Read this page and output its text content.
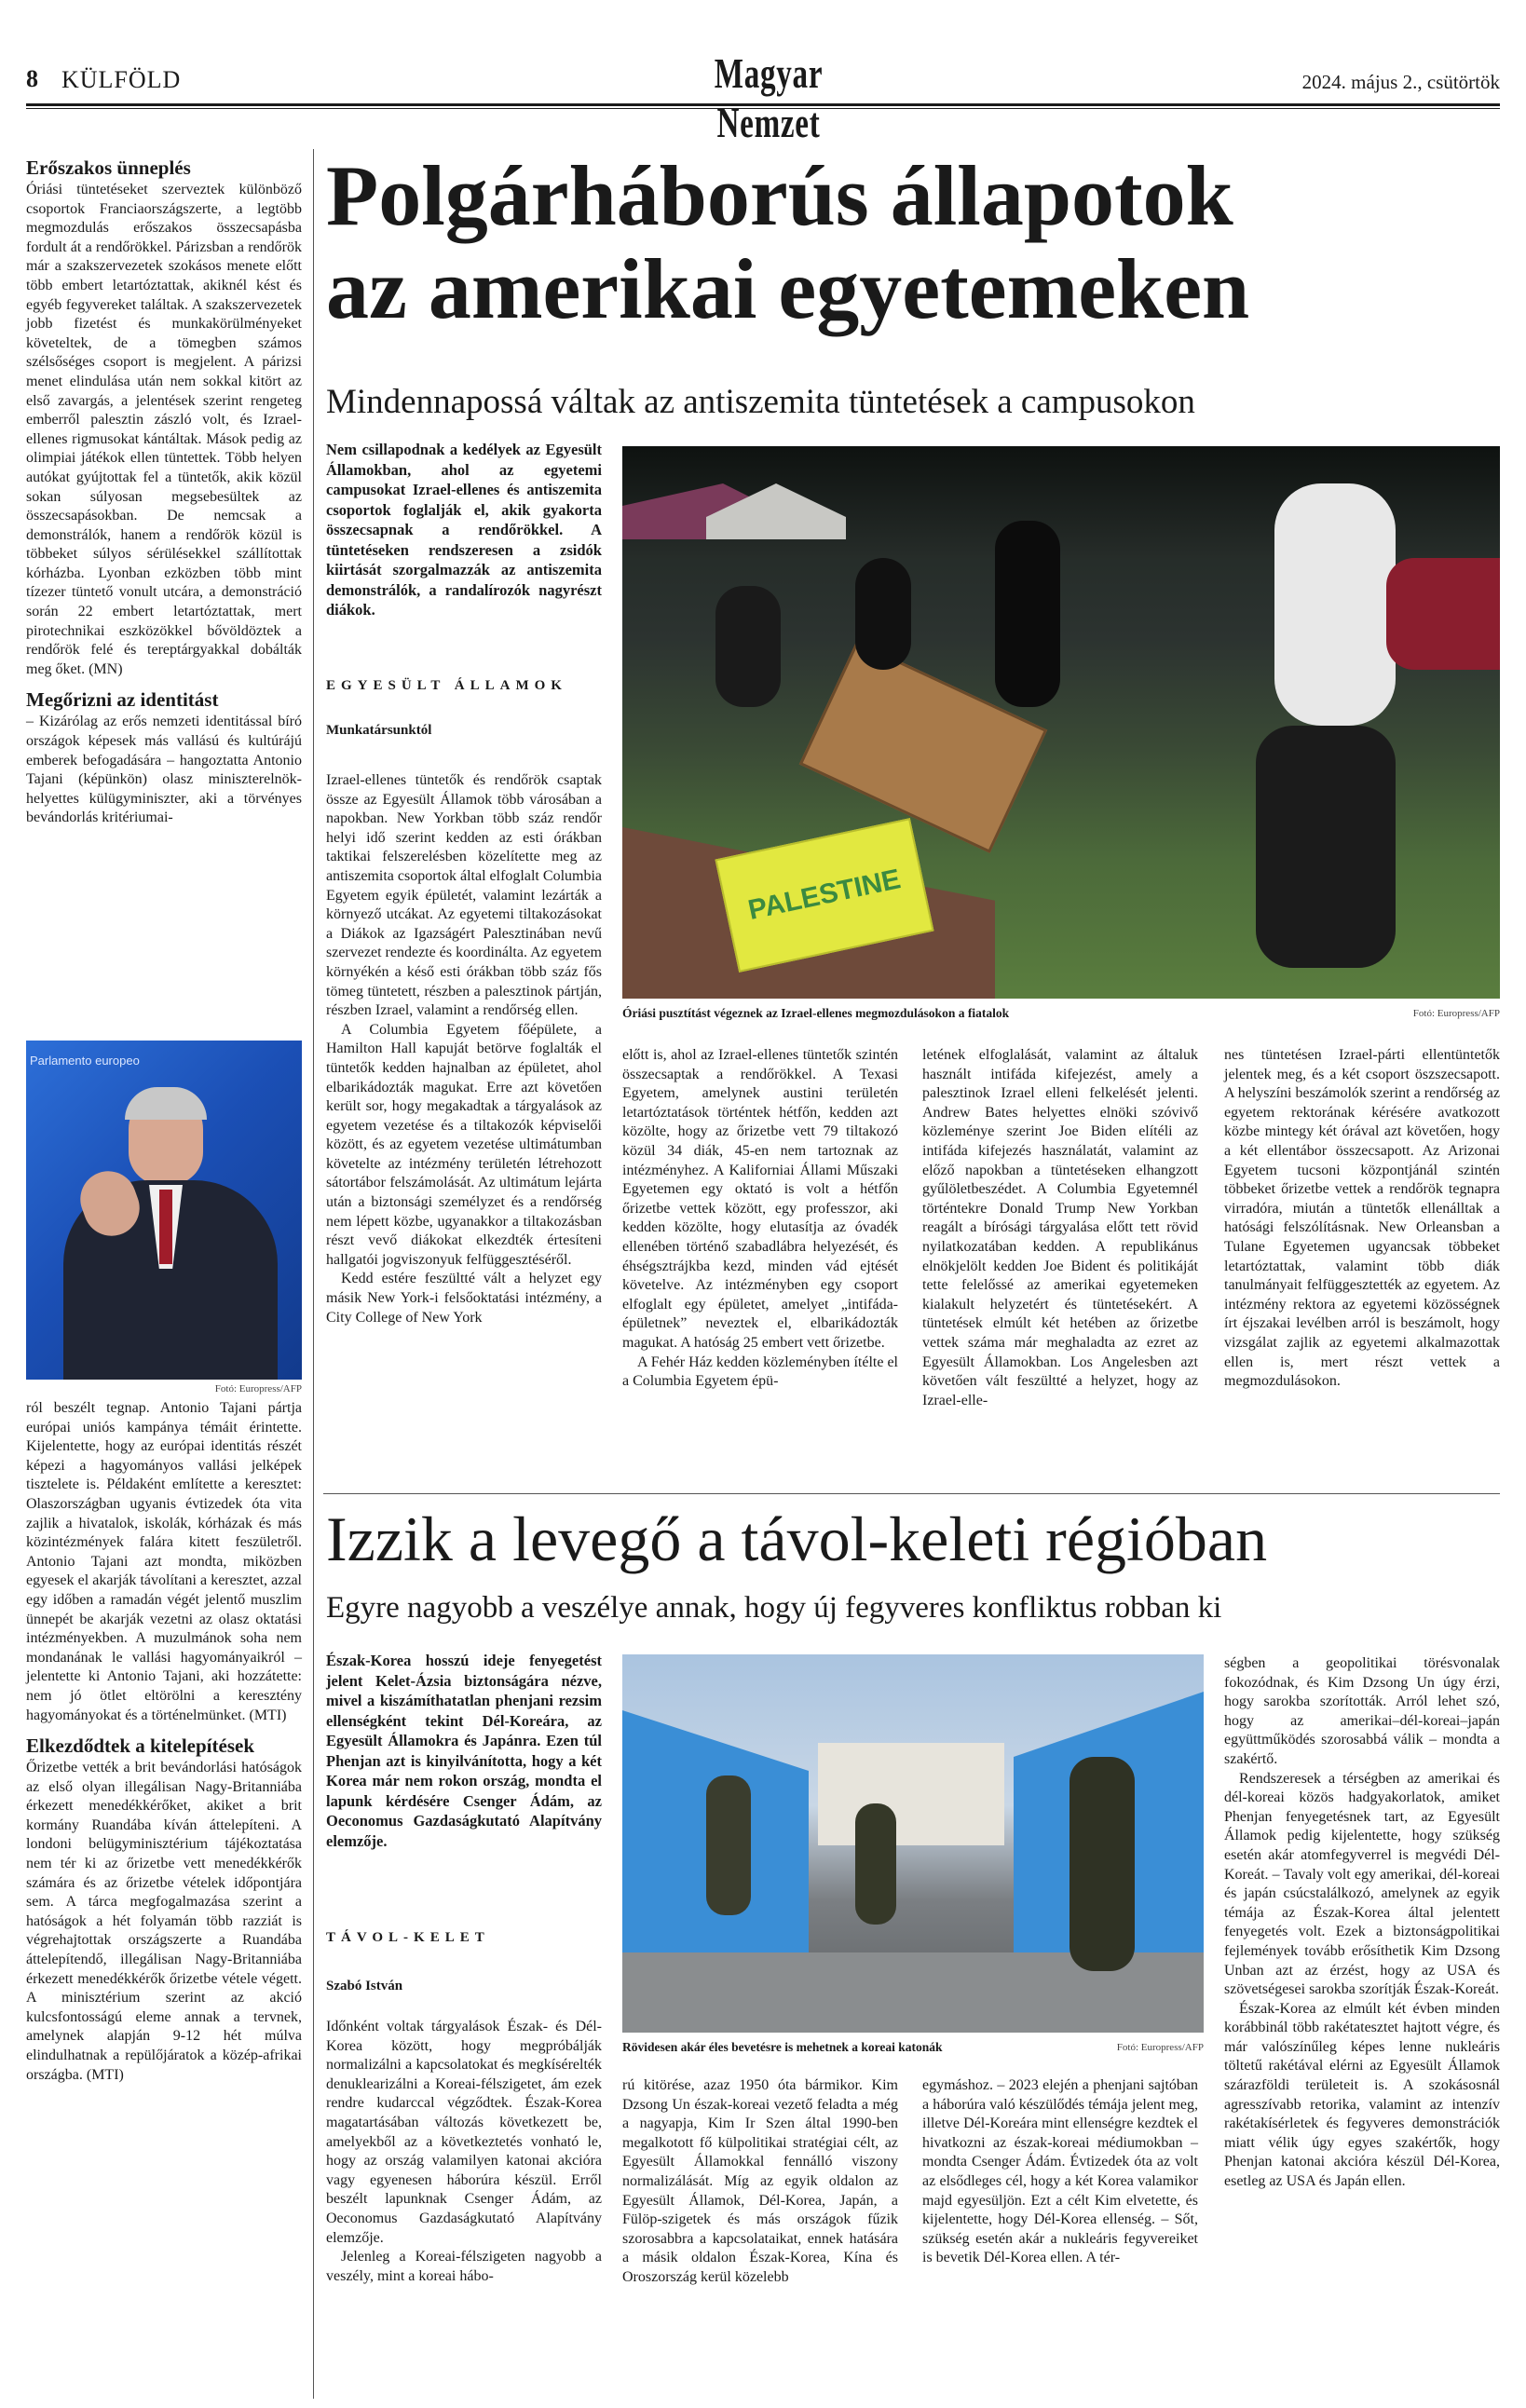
8 KÜLFÖLD	Magyar Nemzet
2024. május 2., csütörtök
Erőszakos ünneplés

Óriási tüntetéseket szerveztek különböző csoportok Franciaországszerte, a legtöbb megmozdulás erőszakos összecsapásba fordult át a rendőrökkel. Párizsban a rendőrök már a szakszervezetek szokásos menete előtt több embert letartóztattak, akiknél kést és egyéb fegyvereket találtak. A szakszervezetek jobb fizetést és munkakörülményeket követeltek, de a tömegben számos szélsőséges csoport is megjelent. A párizsi menet elindulása után nem sokkal kitört az első zavargás, a jelentések szerint rengeteg emberről palesztin zászló volt, és Izrael-ellenes rigmusokat kántáltak. Mások pedig az olimpiai játékok ellen tüntettek. Több helyen autókat gyújtottak fel a tüntetők, akik közül sokan súlyosan megsebesültek az összecsapásokban. De nemcsak a demonstrálók, hanem a rendőrök közül is többeket súlyos sérülésekkel szállítottak kórházba. Lyonban ezközben több mint tízezer tüntető vonult utcára, a demonstráció során 22 embert letartóztattak, mert pirotechnikai eszközökkel bővöldöztek a rendőrök felé és tereptárgyakkal dobálták meg őket. (MN)

Megőrizni az identitást

– Kizárólag az erős nemzeti identitással bíró országok képesek más vallású és kultúrájú emberek befogadására – hangoztatta Antonio Tajani (képünkön) olasz miniszterelnök-helyettes külügyminiszter, aki a törvényes bevándorlás kritériumai-

Parlamento europeo
Fotó: Europress/AFP

ról beszélt tegnap. Antonio Tajani pártja európai uniós kampánya témáit érintette. Kijelentette, hogy az európai identitás részét képezi a hagyományos vallási jelképek tisztelete is. Példaként említette a keresztet: Olaszországban ugyanis évtizedek óta vita zajlik a hivatalok, iskolák, kórházak és más közintézmények falára kitett feszületről. Antonio Tajani azt mondta, miközben egyesek el akarják távolítani a keresztet, azzal egy időben a ramadán végét jelentő muszlim ünnepét be akarják vezetni az olasz oktatási intézményekben. A muzulmánok soha nem mondanának le vallási hagyományaikról – jelentette ki Antonio Tajani, aki hozzátette: nem jó ötlet eltörölni a keresztény hagyományokat és a történelmünket. (MTI)

Elkezdődtek a kitelepítések

Őrizetbe vették a brit bevándorlási hatóságok az első olyan illegálisan Nagy-Britanniába érkezett menedékkérőket, akiket a brit kormány Ruandába kíván áttelepíteni. A londoni belügyminisztérium tájékoztatása nem tér ki az őrizetbe vett menedékkérők számára és az őrizetbe vételek időpontjára sem. A tárca megfogalmazása szerint a hatóságok a hét folyamán több razziát is végrehajtottak országszerte a Ruandába áttelepítendő, illegálisan Nagy-Britanniába érkezett menedékkérők őrizetbe vétele végett. A minisztérium szerint az akció kulcsfontosságú eleme annak a tervnek, amelynek alapján 9-12 hét múlva elindulhatnak a repülőjáratok a közép-afrikai országba. (MTI)

Polgárháborús állapotok
az amerikai egyetemeken
Mindennapossá váltak az antiszemita tüntetések a campusokon

Nem csillapodnak a kedélyek az Egyesült Államokban, ahol az egyetemi campusokat Izrael-ellenes és antiszemita csoportok foglalják el, akik gyakorta összecsapnak a rendőrökkel. A tüntetéseken rendszeresen a zsidók kiirtását szorgalmazzák az antiszemita demonstrálók, a randalírozók nagyrészt diákok.

EGYESÜLT ÁLLAMOK
Munkatársunktól
PALESTINE
Óriási pusztítást végeznek az Izrael-ellenes megmozdulásokon a fiatalok	Fotó: Europress/AFP

Izrael-ellenes tüntetők és rendőrök csaptak össze az Egyesült Államok több városában a napokban. New Yorkban több száz rendőr helyi idő szerint kedden az esti órákban taktikai felszerelésben közelítette meg az antiszemita csoportok által elfoglalt Columbia Egyetem egyik épületét, valamint lezárták a környező utcákat. Az egyetemi tiltakozásokat a Diákok az Igazságért Palesztinában nevű szervezet rendezte és koordinálta. Az egyetem környékén a késő esti órákban több száz fős tömeg tüntetett, részben a palesztinok pártján, részben Izrael, valamint a rendőrség ellen.

A Columbia Egyetem főépülete, a Hamilton Hall kapuját betörve foglalták el tüntetők kedden hajnalban az épületet, ahol elbarikádozták magukat. Erre azt követően került sor, hogy megakadtak a tárgyalások az egyetem vezetése és a tiltakozók képviselői között, és az egyetem vezetése ultimátumban követelte az intézmény területén létrehozott sátortábor felszámolását. Az ultimátum lejárta után a biztonsági személyzet és a rendőrség nem lépett közbe, ugyanakkor a tiltakozásban részt vevő diákokat elkezdték értesíteni hallgatói jogviszonyuk felfüggesztéséről.

Kedd estére feszültté vált a helyzet egy másik New York-i felsőoktatási intézmény, a City College of New York

előtt is, ahol az Izrael-ellenes tüntetők szintén összecsaptak a rendőrökkel. A Texasi Egyetem, amelynek austini területén letartóztatások történtek hétfőn, kedden azt közölte, hogy az őrizetbe vett 79 tiltakozó közül 34 diák, 45-en nem tartoznak az intézményhez. A Kaliforniai Állami Műszaki Egyetemen egy oktató is volt a hétfőn őrizetbe vettek között, egy professzor, aki kedden közölte, hogy elutasítja az óvadék ellenében történő szabadlábra helyezését, és éhségsztrájkba kezd, minden vád ejtését követelve. Az intézményben egy csoport elfoglalt egy épületet, amelyet „intifáda-épületnek” neveztek el, elbarikádozták magukat. A hatóság 25 embert vett őrizetbe.

A Fehér Ház kedden közleményben ítélte el a Columbia Egyetem épü-

letének elfoglalását, valamint az általuk használt intifáda kifejezést, amely a palesztinok Izrael elleni felkelését jelenti. Andrew Bates helyettes elnöki szóvivő közleménye szerint Joe Biden elítéli az intifáda kifejezés használatát, valamint az előző napokban a tüntetéseken elhangzott gyűlöletbeszédet. A Columbia Egyetemnél történtekre Donald Trump New Yorkban reagált a bírósági tárgyalása előtt tett rövid nyilatkozatában kedden. A republikánus elnökjelölt kedden Joe Bident és politikáját tette felelőssé az amerikai egyetemeken kialakult helyzetért és tüntetésekért. A tüntetések elmúlt két hetében az őrizetbe vettek száma már meghaladta az ezret az Egyesült Államokban. Los Angelesben azt követően vált feszültté a helyzet, hogy az Izrael-elle-

nes tüntetésen Izrael-párti ellentüntetők jelentek meg, és a két csoport öszszecsapott. A helyszíni beszámolók szerint a rendőrség az egyetem rektorának kérésére avatkozott közbe mintegy két órával azt követően, hogy a két ellentábor összecsapott. Az Arizonai Egyetem tucsoni központjánál szintén többeket őrizetbe vettek a rendőrök tegnapra virradóra, miután a tüntetők ellenálltak a hatósági felszólításnak. New Orleansban a Tulane Egyetemen ugyancsak többeket letartóztattak, valamint több diák tanulmányait felfüggesztették az egyetem. Az intézmény rektora az egyetemi közösségnek írt éjszakai levélben arról is beszámolt, hogy vizsgálat zajlik az egyetemi alkalmazottak ellen is, mert részt vettek a megmozdulásokon.

Izzik a levegő a távol-keleti régióban
Egyre nagyobb a veszélye annak, hogy új fegyveres konfliktus robban ki

Észak-Korea hosszú ideje fenyegetést jelent Kelet-Ázsia biztonságára nézve, mivel a kiszámíthatatlan phenjani rezsim ellenségként tekint Dél-Koreára, az Egyesült Államokra és Japánra. Ezen túl Phenjan azt is kinyilvánította, hogy a két Korea már nem rokon ország, mondta el lapunk kérdésére Csenger Ádám, az Oeconomus Gazdaságkutató Alapítvány elemzője.

TÁVOL-KELET
Szabó István
Rövidesen akár éles bevetésre is mehetnek a koreai katonák	Fotó: Europress/AFP

Időnként voltak tárgyalások Észak- és Dél-Korea között, hogy megpróbálják normalizálni a kapcsolatokat és megkísérelték denuklearizálni a Koreai-félszigetet, ám ezek rendre kudarccal végződtek. Észak-Korea magatartásában változás következett be, amelyekből az a következtetés vonható le, hogy az ország valamilyen katonai akcióra vagy egyenesen háborúra készül. Erről beszélt lapunknak Csenger Ádám, az Oeconomus Gazdaságkutató Alapítvány elemzője.

Jelenleg a Koreai-félszigeten nagyobb a veszély, mint a koreai hábo-

rú kitörése, azaz 1950 óta bármikor. Kim Dzsong Un észak-koreai vezető feladta a még a nagyapja, Kim Ir Szen által 1990-ben megalkotott fő külpolitikai stratégiai célt, az Egyesült Államokkal fennálló viszony normalizálását. Míg az egyik oldalon az Egyesült Államok, Dél-Korea, Japán, a Fülöp-szigetek és más országok fűzik szorosabbra a kapcsolataikat, ennek hatására a másik oldalon Észak-Korea, Kína és Oroszország kerül közelebb

egymáshoz. – 2023 elején a phenjani sajtóban a háborúra való készülődés témája jelent meg, illetve Dél-Koreára mint ellenségre kezdtek el hivatkozni az észak-koreai médiumokban – mondta Csenger Ádám. Évtizedek óta az volt az elsődleges cél, hogy a két Korea valamikor majd egyesüljön. Ezt a célt Kim elvetette, és kijelentette, hogy Dél-Korea ellenség. – Sőt, szükség esetén akár a nukleáris fegyvereiket is bevetik Dél-Korea ellen. A tér-

ségben a geopolitikai törésvonalak fokozódnak, és Kim Dzsong Un úgy érzi, hogy sarokba szorították. Arról lehet szó, hogy az amerikai–dél-koreai–japán együttműködés szorosabbá válik – mondta a szakértő.

Rendszeresek a térségben az amerikai és dél-koreai közös hadgyakorlatok, amiket Phenjan fenyegetésnek tart, az Egyesült Államok pedig kijelentette, hogy szükség esetén akár atomfegyverrel is megvédi Dél-Koreát. – Tavaly volt egy amerikai, dél-koreai és japán csúcstalálkozó, amelynek az egyik témája az Észak-Korea által jelentett fenyegetés volt. Ezek a biztonságpolitikai fejlemények tovább erősíthetik Kim Dzsong Unban azt az érzést, hogy az USA és szövetségesei sarokba szorítják Észak-Koreát.

Észak-Korea az elmúlt két évben minden korábbinál több rakétatesztet hajtott végre, és már valószínűleg képes lenne nukleáris töltetű rakétával elérni az Egyesült Államok szárazföldi területeit is. A szokásosnál agresszívabb retorika, valamint az intenzív rakétakísérletek és fegyveres demonstrációk miatt vélik úgy egyes szakértők, hogy Phenjan katonai akcióra készül Dél-Korea, esetleg az USA és Japán ellen.
